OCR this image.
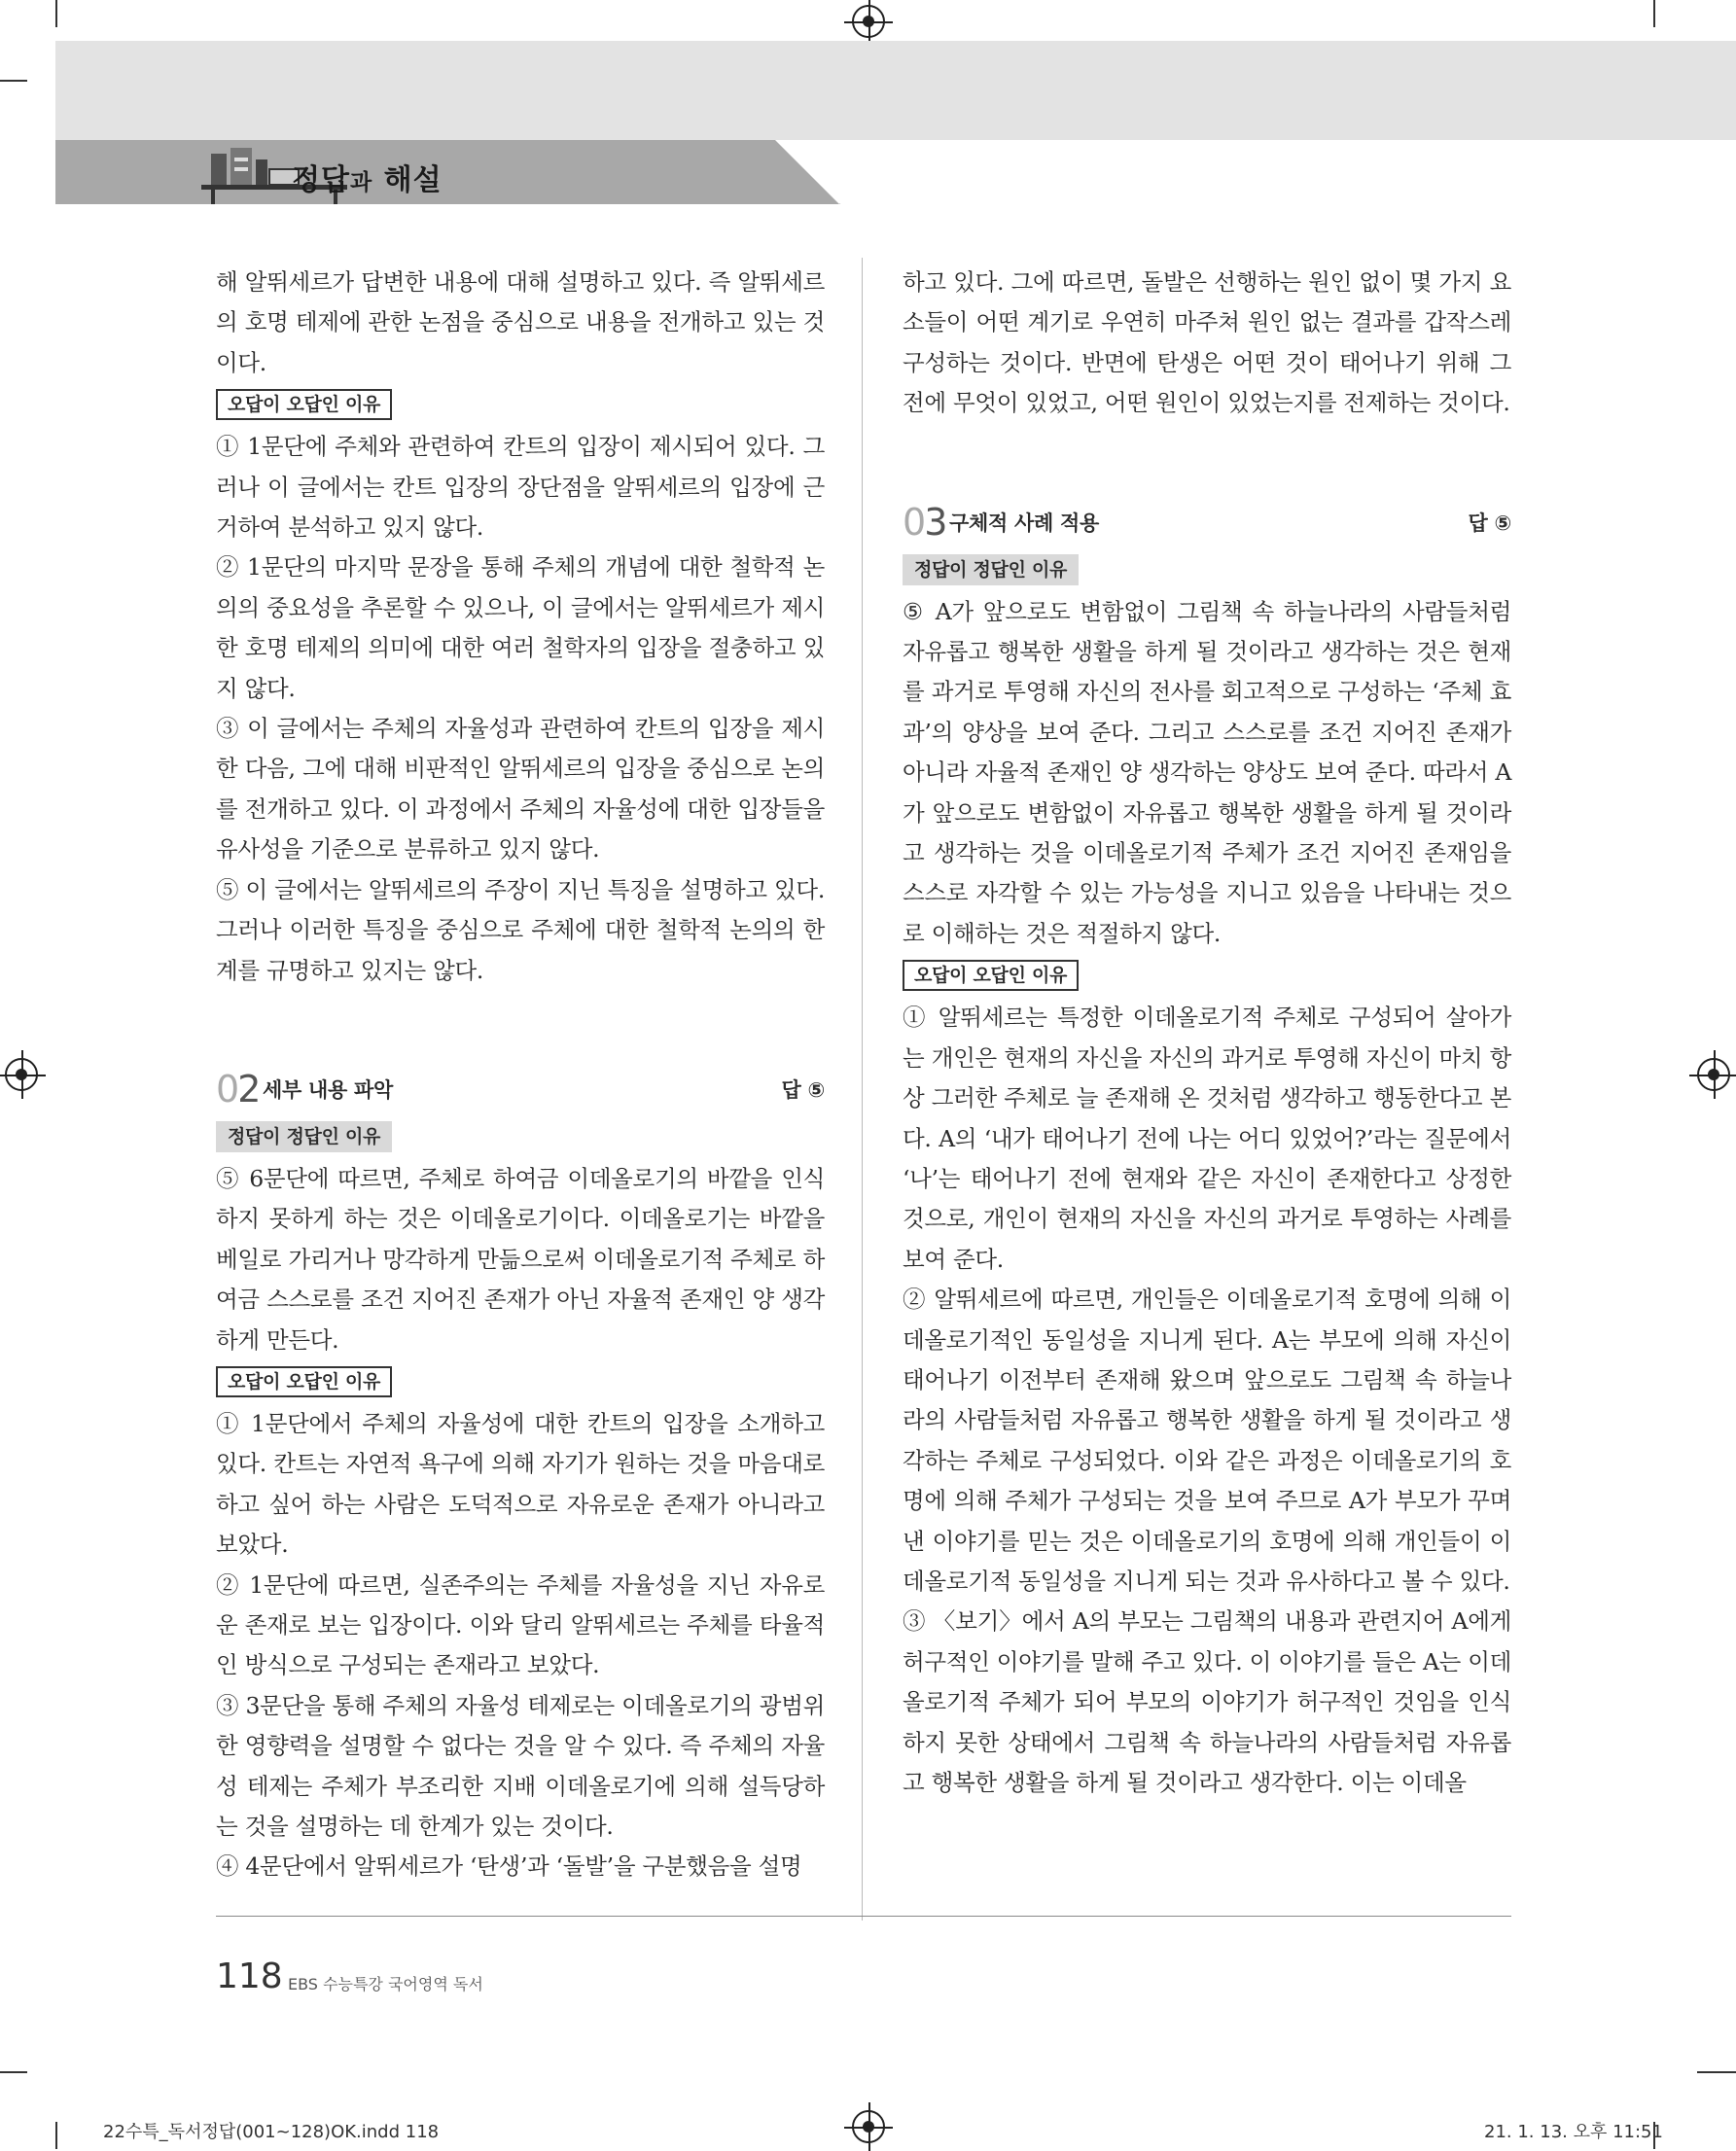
정답과 해설

해 알뛰세르가 답변한 내용에 대해 설명하고 있다. 즉 알뛰세르의 호명 테제에 관한 논점을 중심으로 내용을 전개하고 있는 것이다.

오답이 오답인 이유

① 1문단에 주체와 관련하여 칸트의 입장이 제시되어 있다. 그러나 이 글에서는 칸트 입장의 장단점을 알뛰세르의 입장에 근거하여 분석하고 있지 않다.

② 1문단의 마지막 문장을 통해 주체의 개념에 대한 철학적 논의의 중요성을 추론할 수 있으나, 이 글에서는 알뛰세르가 제시한 호명 테제의 의미에 대한 여러 철학자의 입장을 절충하고 있지 않다.

③ 이 글에서는 주체의 자율성과 관련하여 칸트의 입장을 제시한 다음, 그에 대해 비판적인 알뛰세르의 입장을 중심으로 논의를 전개하고 있다. 이 과정에서 주체의 자율성에 대한 입장들을 유사성을 기준으로 분류하고 있지 않다.

⑤ 이 글에서는 알뛰세르의 주장이 지닌 특징을 설명하고 있다. 그러나 이러한 특징을 중심으로 주체에 대한 철학적 논의의 한계를 규명하고 있지는 않다.

02 세부 내용 파악	답 ⑤
정답이 정답인 이유

⑤ 6문단에 따르면, 주체로 하여금 이데올로기의 바깥을 인식하지 못하게 하는 것은 이데올로기이다. 이데올로기는 바깥을 베일로 가리거나 망각하게 만듦으로써 이데올로기적 주체로 하여금 스스로를 조건 지어진 존재가 아닌 자율적 존재인 양 생각하게 만든다.

오답이 오답인 이유

① 1문단에서 주체의 자율성에 대한 칸트의 입장을 소개하고 있다. 칸트는 자연적 욕구에 의해 자기가 원하는 것을 마음대로 하고 싶어 하는 사람은 도덕적으로 자유로운 존재가 아니라고 보았다.

② 1문단에 따르면, 실존주의는 주체를 자율성을 지닌 자유로운 존재로 보는 입장이다. 이와 달리 알뛰세르는 주체를 타율적인 방식으로 구성되는 존재라고 보았다.

③ 3문단을 통해 주체의 자율성 테제로는 이데올로기의 광범위한 영향력을 설명할 수 없다는 것을 알 수 있다. 즉 주체의 자율성 테제는 주체가 부조리한 지배 이데올로기에 의해 설득당하는 것을 설명하는 데 한계가 있는 것이다.

④ 4문단에서 알뛰세르가 ‘탄생’과 ‘돌발’을 구분했음을 설명

하고 있다. 그에 따르면, 돌발은 선행하는 원인 없이 몇 가지 요소들이 어떤 계기로 우연히 마주쳐 원인 없는 결과를 갑작스레 구성하는 것이다. 반면에 탄생은 어떤 것이 태어나기 위해 그 전에 무엇이 있었고, 어떤 원인이 있었는지를 전제하는 것이다.

03 구체적 사례 적용	답 ⑤
정답이 정답인 이유

⑤ A가 앞으로도 변함없이 그림책 속 하늘나라의 사람들처럼 자유롭고 행복한 생활을 하게 될 것이라고 생각하는 것은 현재를 과거로 투영해 자신의 전사를 회고적으로 구성하는 ‘주체 효과’의 양상을 보여 준다. 그리고 스스로를 조건 지어진 존재가 아니라 자율적 존재인 양 생각하는 양상도 보여 준다. 따라서 A가 앞으로도 변함없이 자유롭고 행복한 생활을 하게 될 것이라고 생각하는 것을 이데올로기적 주체가 조건 지어진 존재임을 스스로 자각할 수 있는 가능성을 지니고 있음을 나타내는 것으로 이해하는 것은 적절하지 않다.

오답이 오답인 이유

① 알뛰세르는 특정한 이데올로기적 주체로 구성되어 살아가는 개인은 현재의 자신을 자신의 과거로 투영해 자신이 마치 항상 그러한 주체로 늘 존재해 온 것처럼 생각하고 행동한다고 본다. A의 ‘내가 태어나기 전에 나는 어디 있었어?’라는 질문에서 ‘나’는 태어나기 전에 현재와 같은 자신이 존재한다고 상정한 것으로, 개인이 현재의 자신을 자신의 과거로 투영하는 사례를 보여 준다.

② 알뛰세르에 따르면, 개인들은 이데올로기적 호명에 의해 이데올로기적인 동일성을 지니게 된다. A는 부모에 의해 자신이 태어나기 이전부터 존재해 왔으며 앞으로도 그림책 속 하늘나라의 사람들처럼 자유롭고 행복한 생활을 하게 될 것이라고 생각하는 주체로 구성되었다. 이와 같은 과정은 이데올로기의 호명에 의해 주체가 구성되는 것을 보여 주므로 A가 부모가 꾸며 낸 이야기를 믿는 것은 이데올로기의 호명에 의해 개인들이 이데올로기적 동일성을 지니게 되는 것과 유사하다고 볼 수 있다.

③ 〈보기〉에서 A의 부모는 그림책의 내용과 관련지어 A에게 허구적인 이야기를 말해 주고 있다. 이 이야기를 들은 A는 이데올로기적 주체가 되어 부모의 이야기가 허구적인 것임을 인식하지 못한 상태에서 그림책 속 하늘나라의 사람들처럼 자유롭고 행복한 생활을 하게 될 것이라고 생각한다. 이는 이데올

118 EBS 수능특강 국어영역 독서
22수특_독서정답(001~128)OK.indd 118	21. 1. 13. 오후 11:51
